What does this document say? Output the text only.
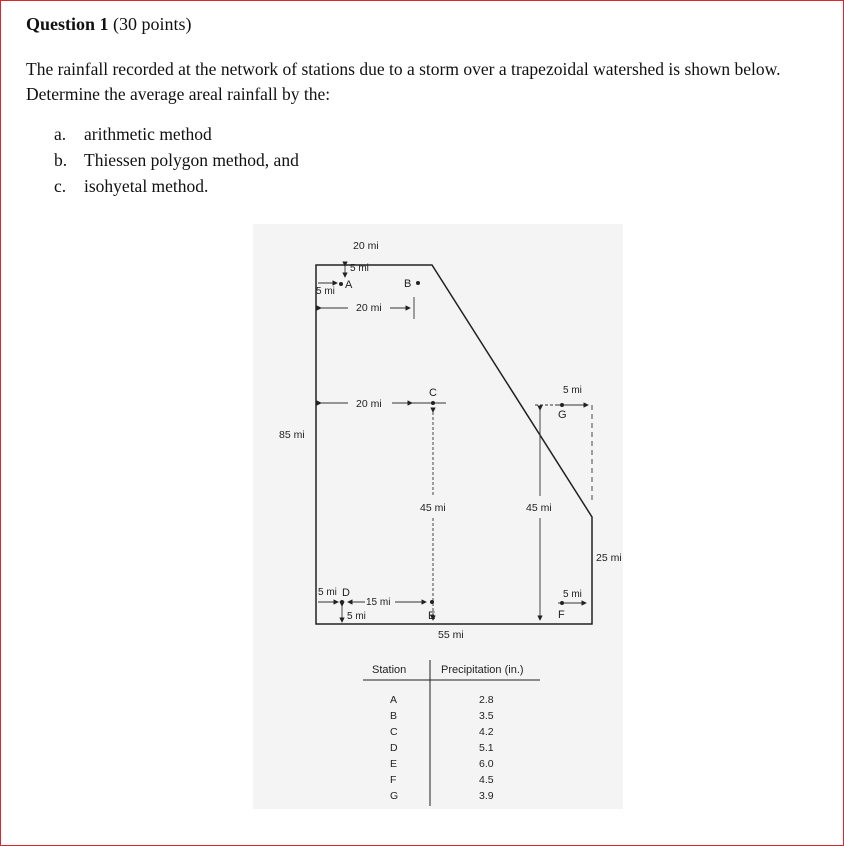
Question 1 (30 points)

The rainfall recorded at the network of stations due to a storm over a trapezoidal watershed is shown below. Determine the average areal rainfall by the:

a.	arithmetic method
b. Thiessen polygon method, and
c.	isohyetal method.
A	B
C
D
E	F
G
20 mi
5 mi
5 mi
20 mi
20 mi
85 mi
45 mi	45 mi
5 mi
25 mi
5 mi
15 mi
5 mi
5 mi
55 mi
Station	Precipitation (in.)
A	2.8
B	3.5
C	4.2
D	5.1
E	6.0
F	4.5
G	3.9
